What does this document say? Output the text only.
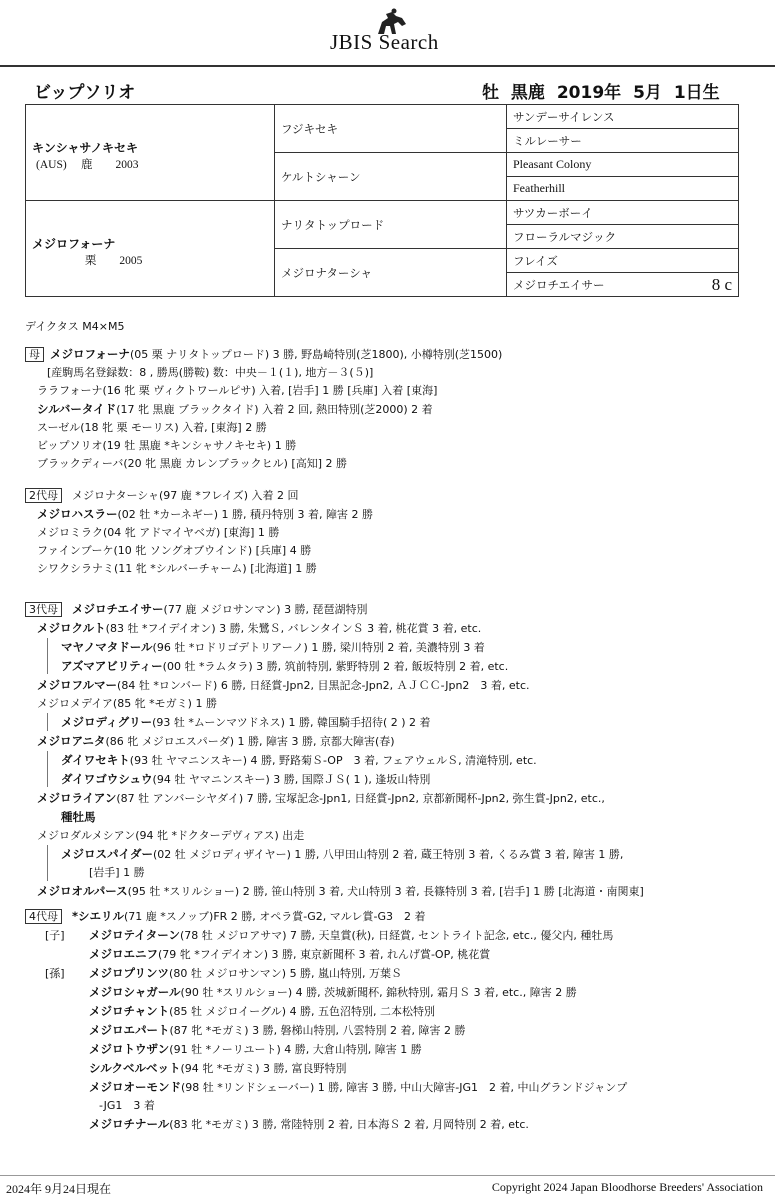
JBIS Search
ビップソリオ	牡 黒鹿 2019年 5月 1日生
キンシャサノキセキ
(AUS)　 鹿　　2003	フジキセキ	サンデーサイレンス
		ミルレーサー
	ケルトシャーン	Pleasant Colony
		Featherhill

メジロフォーナ
　　　　 栗　　2005	ナリタトップロード	サツカーボーイ
		フローラルマジック
	メジロナターシャ	フレイズ
		メジロチエイサー 8 c
デイクタス M4×M5
母 メジロフォーナ(05 栗 ナリタトップロード) 3 勝, 野島崎特別(芝1800), 小樽特別(芝1500)
[産駒馬名登録数：8 , 勝馬(勝鞍) 数：中央－１(１), 地方－３(５)]
ララフォーナ(16 牝 栗 ヴィクトワールピサ) 入着, [岩手] 1 勝 [兵庫] 入着 [東海]
シルバータイド(17 牝 黒鹿 ブラックタイド) 入着 2 回, 熱田特別(芝2000) 2 着
スーゼル(18 牝 栗 モーリス) 入着, [東海] 2 勝
ビップソリオ(19 牡 黒鹿 *キンシャサノキセキ) 1 勝
ブラックディーバ(20 牝 黒鹿 カレンブラックヒル) [高知] 2 勝
2代母 メジロナターシャ(97 鹿 *フレイズ) 入着 2 回
メジロハスラー(02 牡 *カーネギー) 1 勝, 積丹特別 3 着, 障害 2 勝
メジロミラク(04 牝 アドマイヤベガ) [東海] 1 勝
ファインブーケ(10 牝 ソングオブウインド) [兵庫] 4 勝
シワクシラナミ(11 牝 *シルバーチャーム) [北海道] 1 勝
3代母 メジロチエイサー(77 鹿 メジロサンマン) 3 勝, 琵琶湖特別
メジロクルト(83 牡 *フイデイオン) 3 勝, 朱鷺Ｓ, バレンタインＳ 3 着, 桃花賞 3 着, etc.
マヤノマタドール(96 牡 *ロドリゴデトリアーノ) 1 勝, 梁川特別 2 着, 美濃特別 3 着
アズマアビリティー(00 牡 *ラムタラ) 3 勝, 筑前特別, 紫野特別 2 着, 飯坂特別 2 着, etc.
メジロフルマー(84 牡 *ロンバード) 6 勝, 日経賞-Jpn2, 目黒記念-Jpn2, ＡＪＣＣ-Jpn2　3 着, etc.
メジロメデイア(85 牝 *モガミ) 1 勝
メジロディグリー(93 牡 *ムーンマツドネス) 1 勝, 韓国騎手招待( 2 ) 2 着
メジロアニタ(86 牝 メジロエスパーダ) 1 勝, 障害 3 勝, 京都大障害(春)
ダイワセキト(93 牡 ヤマニンスキー) 4 勝, 野路菊Ｓ-OP　3 着, フェアウェルＳ, 清滝特別, etc.
ダイワゴウシュウ(94 牡 ヤマニンスキー) 3 勝, 国際ＪＳ( 1 ), 逢坂山特別
メジロライアン(87 牡 アンバーシヤダイ) 7 勝, 宝塚記念-Jpn1, 日経賞-Jpn2, 京都新聞杯-Jpn2, 弥生賞-Jpn2, etc.,
種牡馬
メジロダルメシアン(94 牝 *ドクターデヴィアス) 出走
メジロスパイダー(02 牡 メジロディザイヤー) 1 勝, 八甲田山特別 2 着, 蔵王特別 3 着, くるみ賞 3 着, 障害 1 勝,
[岩手] 1 勝
メジロオルパース(95 牡 *スリルショー) 2 勝, 笹山特別 3 着, 犬山特別 3 着, 長篠特別 3 着, [岩手] 1 勝 [北海道・南関東]
4代母 *シエリル(71 鹿 *スノッブ)FR 2 勝, オペラ賞-G2, マルレ賞-G3　2 着
[子] メジロテイターン(78 牡 メジロアサマ) 7 勝, 天皇賞(秋), 日経賞, セントライト記念, etc., 優父内, 種牡馬
メジロエニフ(79 牝 *フイデイオン) 3 勝, 東京新聞杯 3 着, れんげ賞-OP, 桃花賞
[孫] メジロプリンツ(80 牡 メジロサンマン) 5 勝, 嵐山特別, 万葉Ｓ
メジロシャガール(90 牡 *スリルショー) 4 勝, 茨城新聞杯, 錦秋特別, 霜月Ｓ 3 着, etc., 障害 2 勝
メジロチャント(85 牡 メジロイーグル) 4 勝, 五色沼特別, 二本松特別
メジロエパート(87 牝 *モガミ) 3 勝, 磐梯山特別, 八雲特別 2 着, 障害 2 勝
メジロトウザン(91 牡 *ノーリユート) 4 勝, 大倉山特別, 障害 1 勝
シルクベルベット(94 牝 *モガミ) 3 勝, 富良野特別
メジロオーモンド(98 牡 *リンドシェーバー) 1 勝, 障害 3 勝, 中山大障害-JG1　2 着, 中山グランドジャンプ
-JG1　3 着
メジロチナール(83 牝 *モガミ) 3 勝, 常陸特別 2 着, 日本海Ｓ 2 着, 月岡特別 2 着, etc.
2024年 9月24日現在	Copyright 2024 Japan Bloodhorse Breeders' Association
